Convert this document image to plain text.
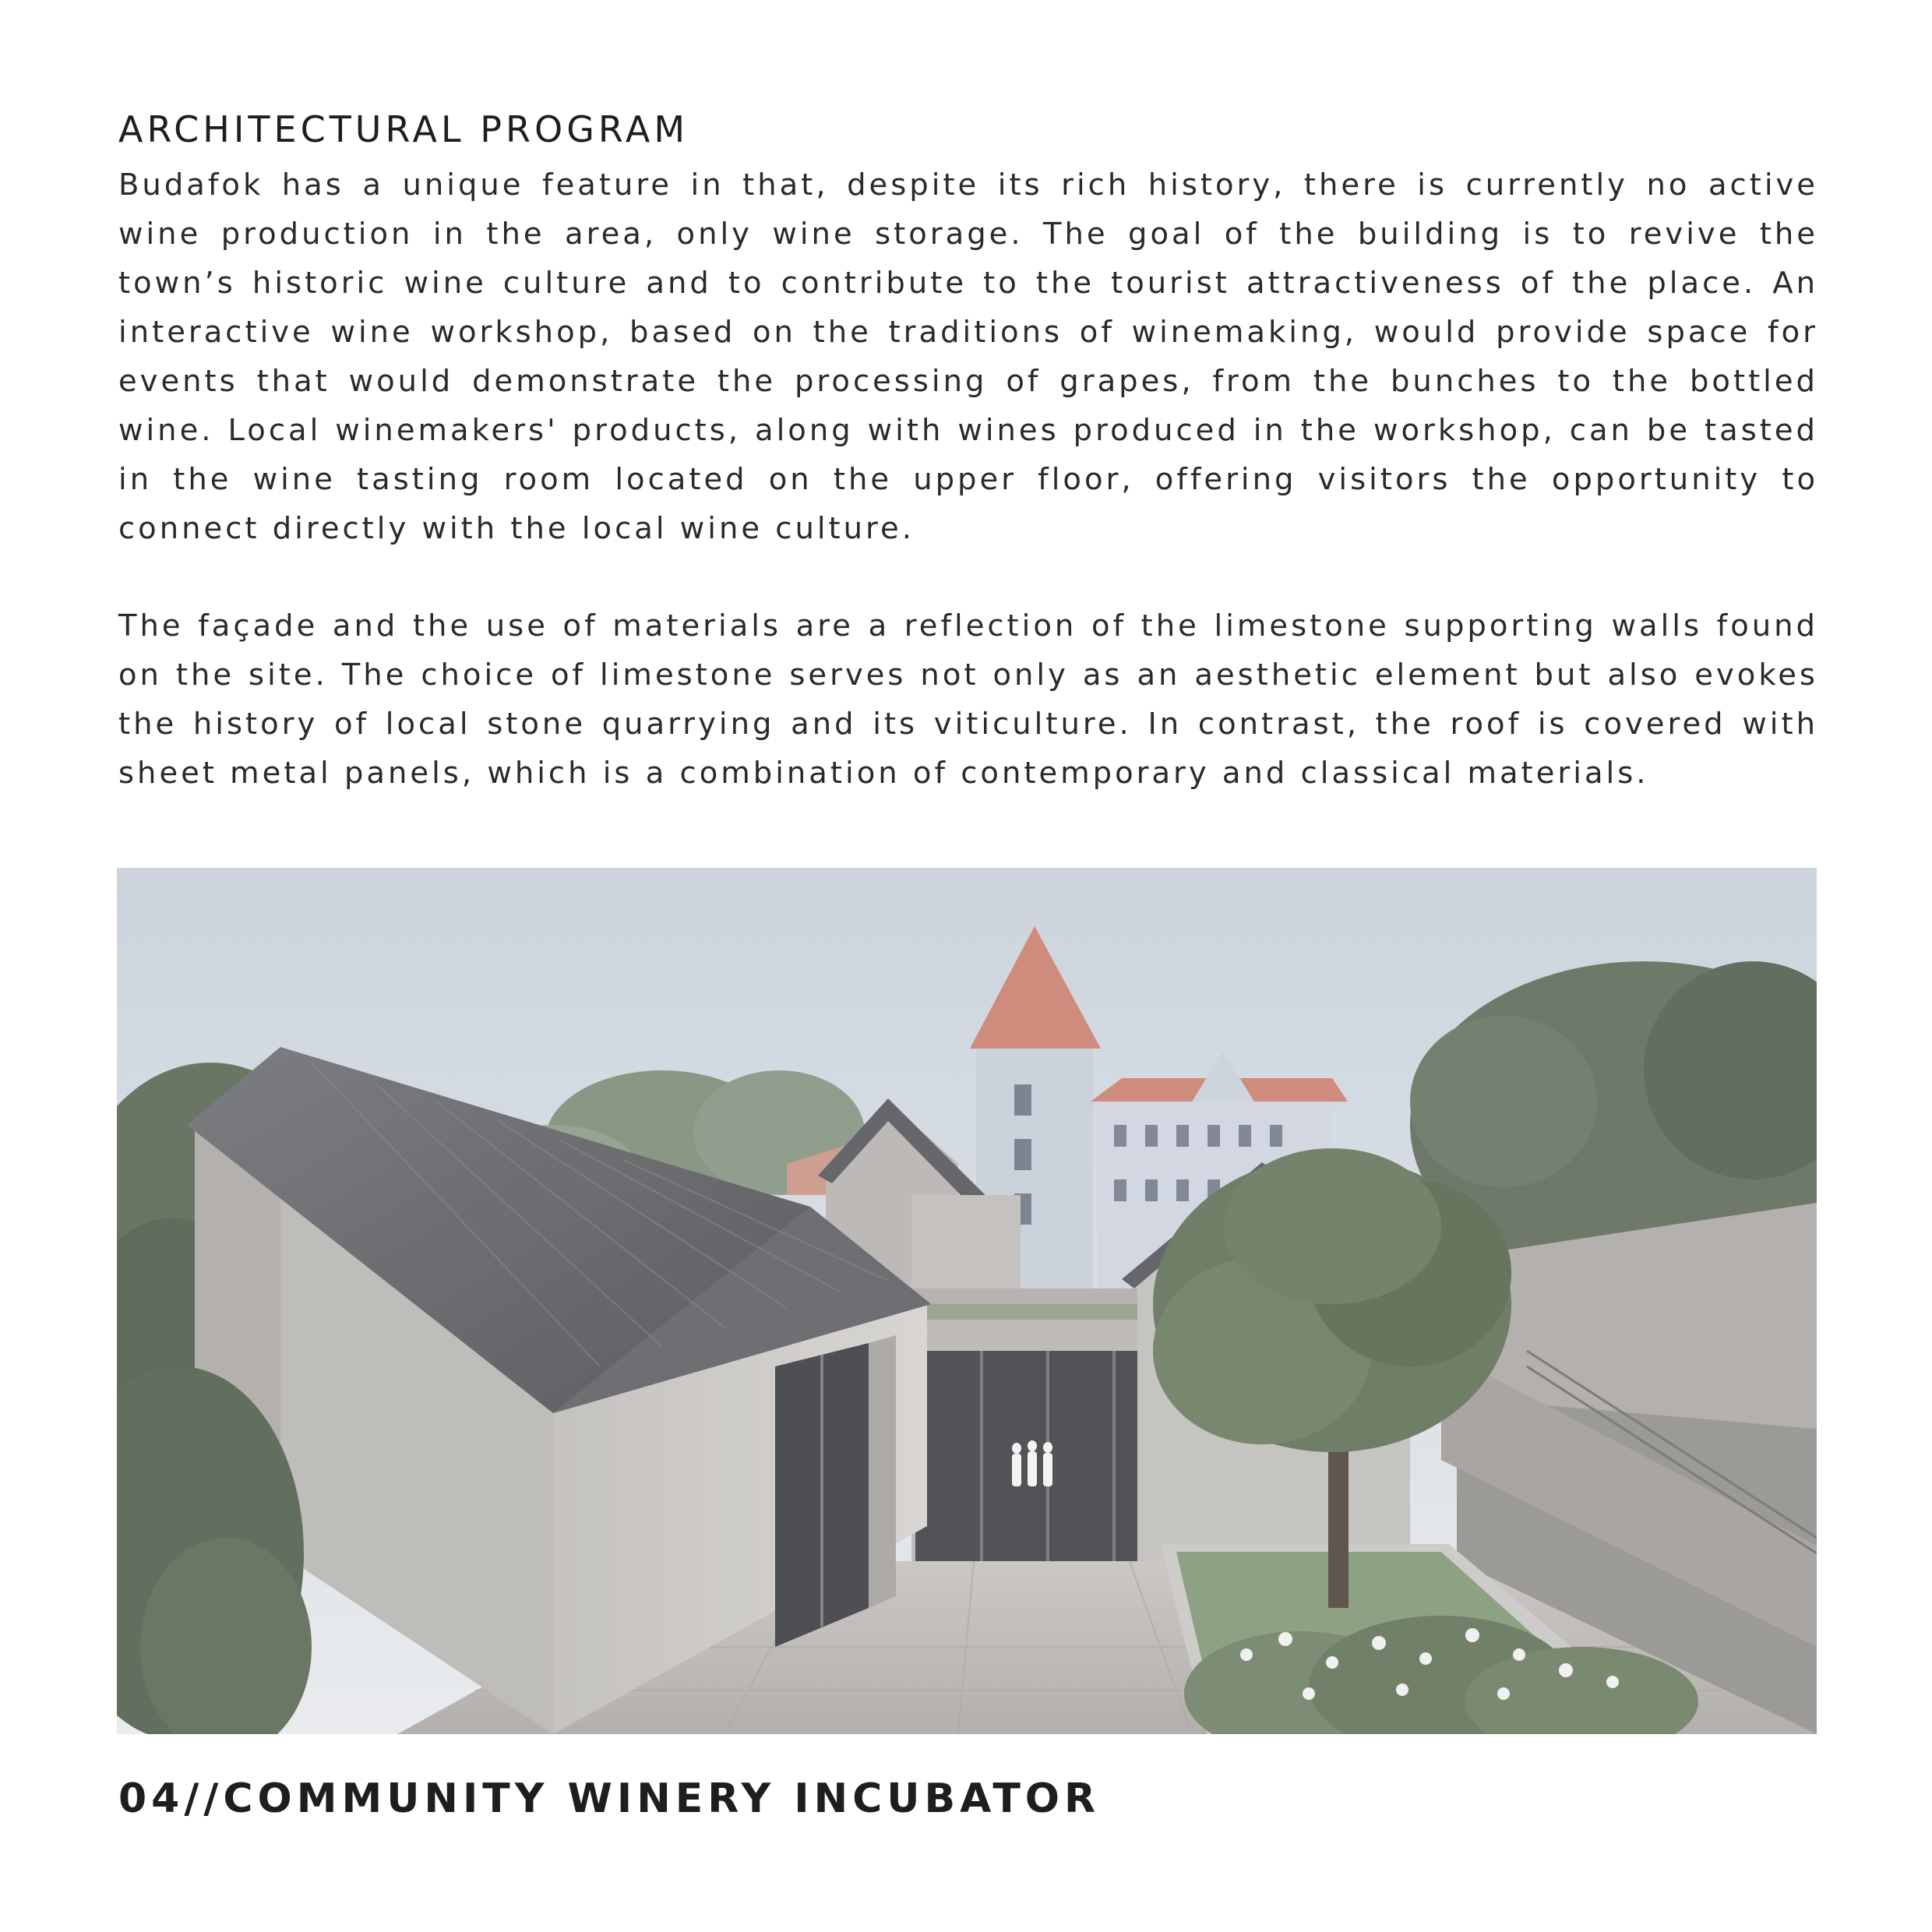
ARCHITECTURAL PROGRAM

Budafok has a unique feature in that, despite its rich history, there is currently no active wine production in the area, only wine storage. The goal of the building is to revive the town’s historic wine culture and to contribute to the tourist attractiveness of the place. An interactive wine workshop, based on the traditions of winemaking, would provide space for events that would demonstrate the processing of grapes, from the bunches to the bottled wine. Local winemakers' products, along with wines produced in the workshop, can be tasted in the wine tasting room located on the upper floor, offering visitors the opportunity to connect directly with the local wine culture.

The façade and the use of materials are a reflection of the limestone supporting walls found on the site. The choice of limestone serves not only as an aesthetic element but also evokes the history of local stone quarrying and its viticulture. In contrast, the roof is covered with sheet metal panels, which is a combination of contemporary and classical materials.

04//COMMUNITY WINERY INCUBATOR
